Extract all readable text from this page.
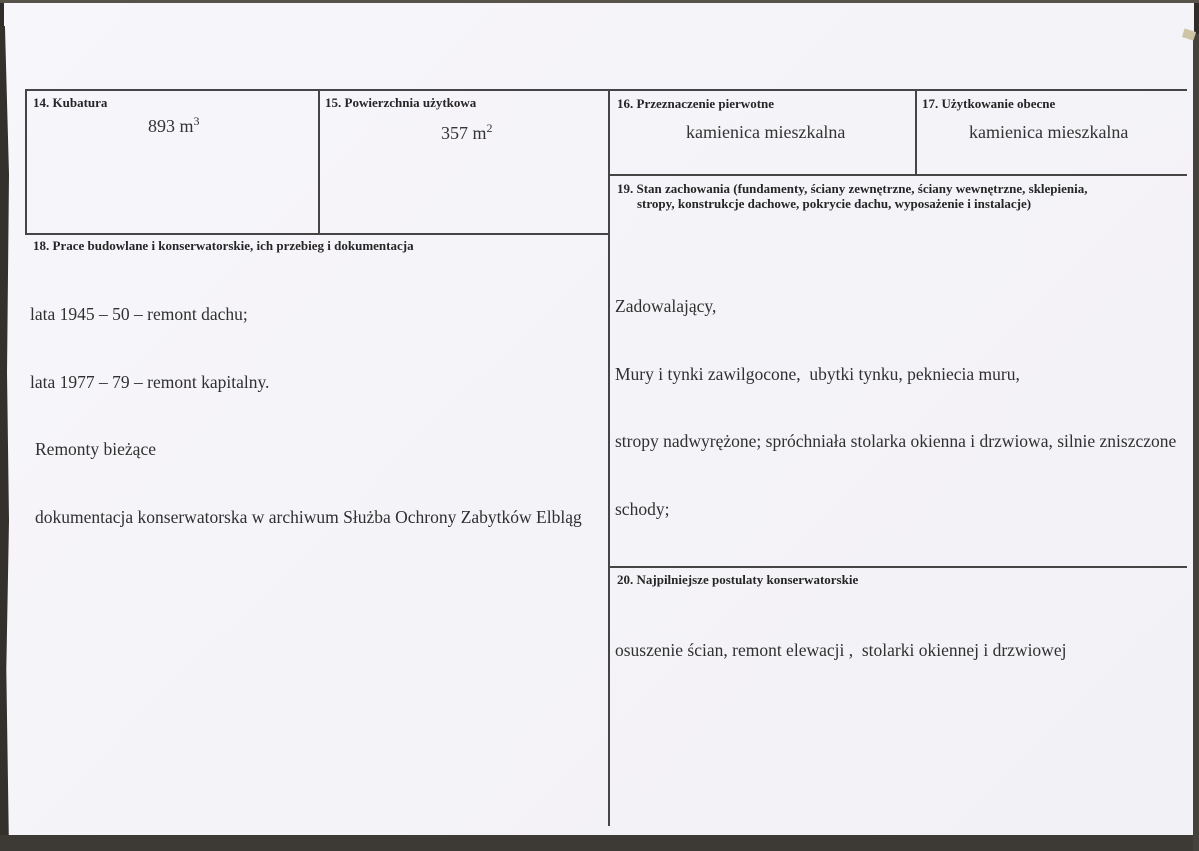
14. Kubatura
893 $m^3$
15. Powierzchnia użytkowa
357 $m^2$
16. Przeznaczenie pierwotne
kamienica mieszkalna
17. Użytkowanie obecne
kamienica mieszkalna
19. Stan zachowania (fundamenty, ściany zewnętrzne, ściany wewnętrzne, sklepienia,
stropy, konstrukcje dachowe, pokrycie dachu, wyposażenie i instalacje)

Zadowalający,

Mury i tynki zawilgocone,  ubytki tynku, pekniecia muru,

stropy nadwyrężone; spróchniała stolarka okienna i drzwiowa, silnie zniszczone

schody;

18. Prace budowlane i konserwatorskie, ich przebieg i dokumentacja

lata 1945 – 50 – remont dachu;

lata 1977 – 79 – remont kapitalny.

Remonty bieżące

dokumentacja konserwatorska w archiwum Służba Ochrony Zabytków Elbląg

20. Najpilniejsze postulaty konserwatorskie

osuszenie ścian, remont elewacji ,  stolarki okiennej i drzwiowej
